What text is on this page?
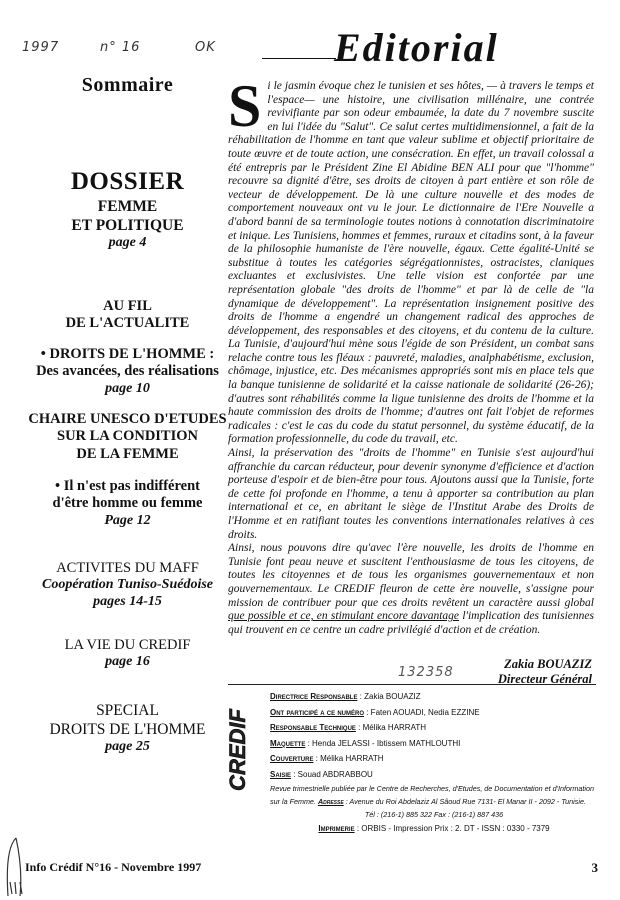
1997	n° 16	OK	Editorial
Sommaire
DOSSIER
FEMME
ET POLITIQUE
page 4
AU FIL
DE L'ACTUALITE
• DROITS DE L'HOMME :
Des avancées, des réalisations
page 10
CHAIRE UNESCO D'ETUDES
SUR LA CONDITION
DE LA FEMME
• Il n'est pas indifférent
d'être homme ou femme
Page 12
ACTIVITES DU MAFF
Coopération Tuniso-Suédoise
pages 14-15
LA VIE DU CREDIF
page 16
SPECIAL
DROITS DE L'HOMME
page 25

Si le jasmin évoque chez le tunisien et ses hôtes, — à travers le temps et l'espace— une histoire, une civilisation millénaire, une contrée revivifiante par son odeur embaumée, la date du 7 novembre suscite en lui l'idée du "Salut". Ce salut certes multidimensionnel, a fait de la réhabilitation de l'homme en tant que valeur sublime et objectif prioritaire de toute œuvre et de toute action, une consécration. En effet, un travail colossal a été entrepris par le Président Zine El Abidine BEN ALI pour que "l'homme" recouvre sa dignité d'être, ses droits de citoyen à part entière et son rôle de vecteur de développement. De là une culture nouvelle et des modes de comportement nouveaux ont vu le jour. Le dictionnaire de l'Ere Nouvelle a d'abord banni de sa terminologie toutes notions à connotation discriminatoire et inique. Les Tunisiens, hommes et femmes, ruraux et citadins sont, à la faveur de la philosophie humaniste de l'ère nouvelle, égaux. Cette égalité-Unité se substitue à toutes les catégories ségrégationnistes, ostracistes, claniques excluantes et exclusivistes. Une telle vision est confortée par une représentation globale "des droits de l'homme" et par là de celle de "la dynamique de développement". La représentation insignement positive des droits de l'homme a engendré un changement radical des approches de développement, des responsables et des citoyens, et du contenu de la culture. La Tunisie, d'aujourd'hui mène sous l'égide de son Président, un combat sans relache contre tous les fléaux : pauvreté, maladies, analphabétisme, exclusion, chômage, injustice, etc. Des mécanismes appropriés sont mis en place tels que la banque tunisienne de solidarité et la caisse nationale de solidarité (26-26); d'autres sont réhabilités comme la ligue tunisienne des droits de l'homme et la haute commission des droits de l'homme; d'autres ont fait l'objet de reformes radicales : c'est le cas du code du statut personnel, du système éducatif, de la formation professionnelle, du code du travail, etc.

Ainsi, la préservation des "droits de l'homme" en Tunisie s'est aujourd'hui affranchie du carcan réducteur, pour devenir synonyme d'efficience et d'action porteuse d'espoir et de bien-être pour tous. Ajoutons aussi que la Tunisie, forte de cette foi profonde en l'homme, a tenu à apporter sa contribution au plan international et ce, en abritant le siège de l'Institut Arabe des Droits de l'Homme et en ratifiant toutes les conventions internationales relatives à ces droits.

Ainsi, nous pouvons dire qu'avec l'ère nouvelle, les droits de l'homme en Tunisie font peau neuve et suscitent l'enthousiasme de tous les citoyens, de toutes les citoyennes et de tous les organismes gouvernementaux et non gouvernementaux. Le CREDIF fleuron de cette ère nouvelle, s'assigne pour mission de contribuer pour que ces droits revêtent un caractère aussi global que possible et ce, en stimulant encore davantage l'implication des tunisiennes qui trouvent en ce centre un cadre privilégié d'action et de création.

132358
Zakia BOUAZIZ
Directeur Général
CREDIF
Directrice Responsable : Zakia BOUAZIZ
Ont participé a ce numéro : Faten AOUADI, Nedia EZZINE
Responsable Technique : Mélika HARRATH
Maquette : Henda JELASSI - Ibtissem MATHLOUTHI
Couverture : Mélika HARRATH
Saisie : Souad ABDRABBOU
Revue trimestrielle publiée par le Centre de Recherches, d'Etudes, de Documentation et d'Information
sur la Femme. Adresse : Avenue du Roi Abdelaziz Al Sâoud Rue 7131- El Manar II - 2092 - Tunisie.
Tél : (216-1) 885 322 Fax : (216-1) 887 436
Imprimerie : ORBIS - Impression Prix : 2. DT - ISSN : 0330 - 7379
Info Crédif N°16 - Novembre 1997	3
